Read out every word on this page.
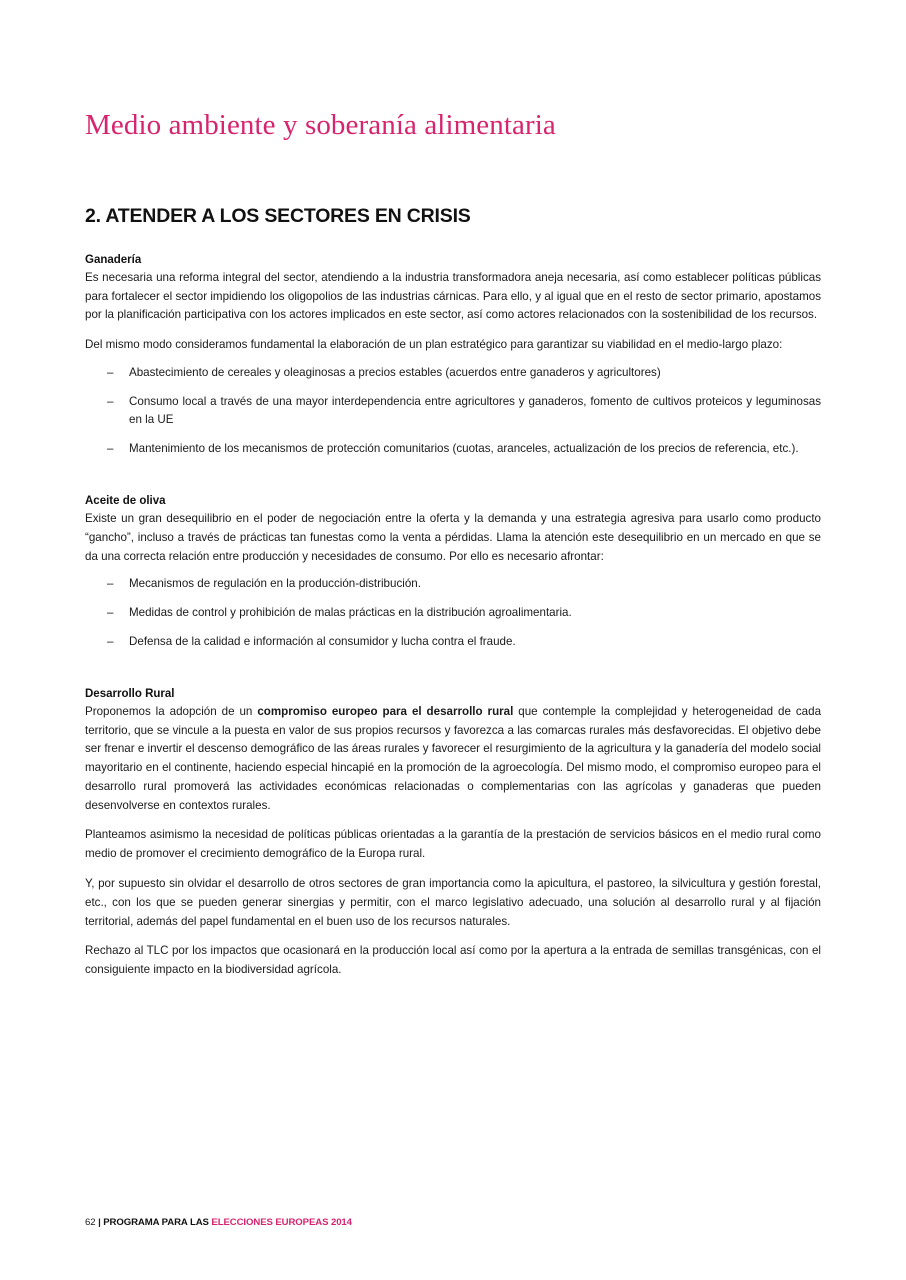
Medio ambiente y soberanía alimentaria
2. ATENDER A LOS SECTORES EN CRISIS
Ganadería

Es necesaria una reforma integral del sector, atendiendo a la industria transformadora aneja necesaria, así como establecer políticas públicas para fortalecer el sector impidiendo los oligopolios de las industrias cárnicas. Para ello, y al igual que en el resto de sector primario, apostamos por la planificación participativa con los actores implicados en este sector, así como actores relacionados con la sostenibilidad de los recursos.

Del mismo modo consideramos fundamental la elaboración de un plan estratégico para garantizar su viabilidad en el medio-largo plazo:

– Abastecimiento de cereales y oleaginosas a precios estables (acuerdos entre ganaderos y agricultores)
– Consumo local a través de una mayor interdependencia entre agricultores y ganaderos, fomento de cultivos proteicos y leguminosas en la UE
– Mantenimiento de los mecanismos de protección comunitarios (cuotas, aranceles, actualización de los precios de referencia, etc.).
Aceite de oliva

Existe un gran desequilibrio en el poder de negociación entre la oferta y la demanda y una estrategia agresiva para usarlo como producto “gancho”, incluso a través de prácticas tan funestas como la venta a pérdidas. Llama la atención este desequilibrio en un mercado en que se da una correcta relación entre producción y necesidades de consumo. Por ello es necesario afrontar:

– Mecanismos de regulación en la producción-distribución.
– Medidas de control y prohibición de malas prácticas en la distribución agroalimentaria.
– Defensa de la calidad e información al consumidor y lucha contra el fraude.
Desarrollo Rural

Proponemos la adopción de un compromiso europeo para el desarrollo rural que contemple la complejidad y heterogeneidad de cada territorio, que se vincule a la puesta en valor de sus propios recursos y favorezca a las comarcas rurales más desfavorecidas. El objetivo debe ser frenar e invertir el descenso demográfico de las áreas rurales y favorecer el resurgimiento de la agricultura y la ganadería del modelo social mayoritario en el continente, haciendo especial hincapié en la promoción de la agroecología. Del mismo modo, el compromiso europeo para el desarrollo rural promoverá las actividades económicas relacionadas o complementarias con las agrícolas y ganaderas que pueden desenvolverse en contextos rurales.

Planteamos asimismo la necesidad de políticas públicas orientadas a la garantía de la prestación de servicios básicos en el medio rural como medio de promover el crecimiento demográfico de la Europa rural.

Y, por supuesto sin olvidar el desarrollo de otros sectores de gran importancia como la apicultura, el pastoreo, la silvicultura y gestión forestal, etc., con los que se pueden generar sinergias y permitir, con el marco legislativo adecuado, una solución al desarrollo rural y al fijación territorial, además del papel fundamental en el buen uso de los recursos naturales.

Rechazo al TLC por los impactos que ocasionará en la producción local así como por la apertura a la entrada de semillas transgénicas, con el consiguiente impacto en la biodiversidad agrícola.

62 | PROGRAMA PARA LAS ELECCIONES EUROPEAS 2014
